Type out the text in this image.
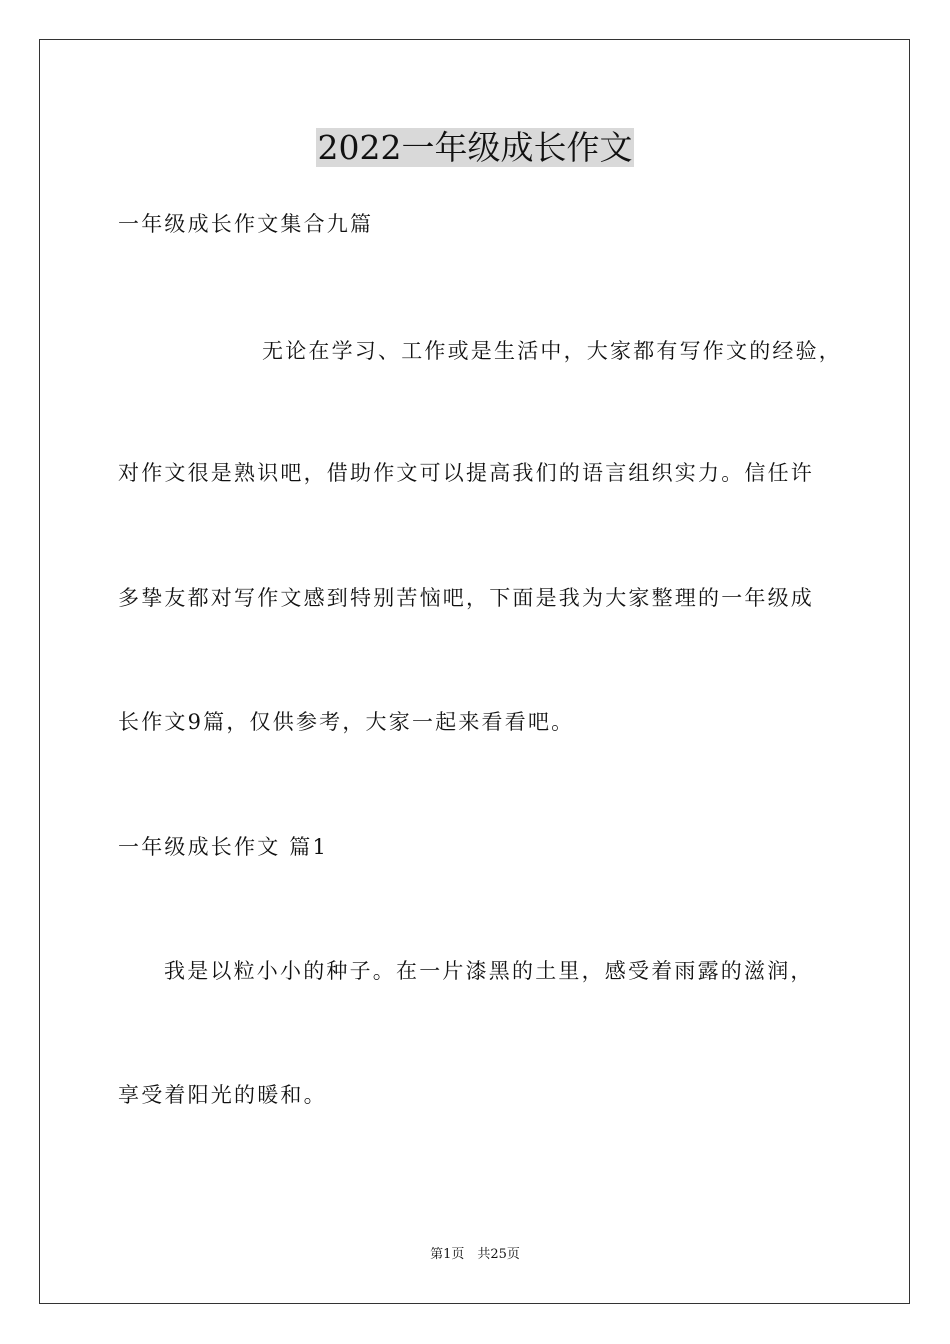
2022一年级成长作文
一年级成长作文集合九篇
无论在学习、工作或是生活中，大家都有写作文的经验，
对作文很是熟识吧，借助作文可以提高我们的语言组织实力。信任许
多挚友都对写作文感到特别苦恼吧，下面是我为大家整理的一年级成
长作文9篇，仅供参考，大家一起来看看吧。
一年级成长作文 篇1
我是以粒小小的种子。在一片漆黑的土里，感受着雨露的滋润，
享受着阳光的暖和。
第1页　共25页
